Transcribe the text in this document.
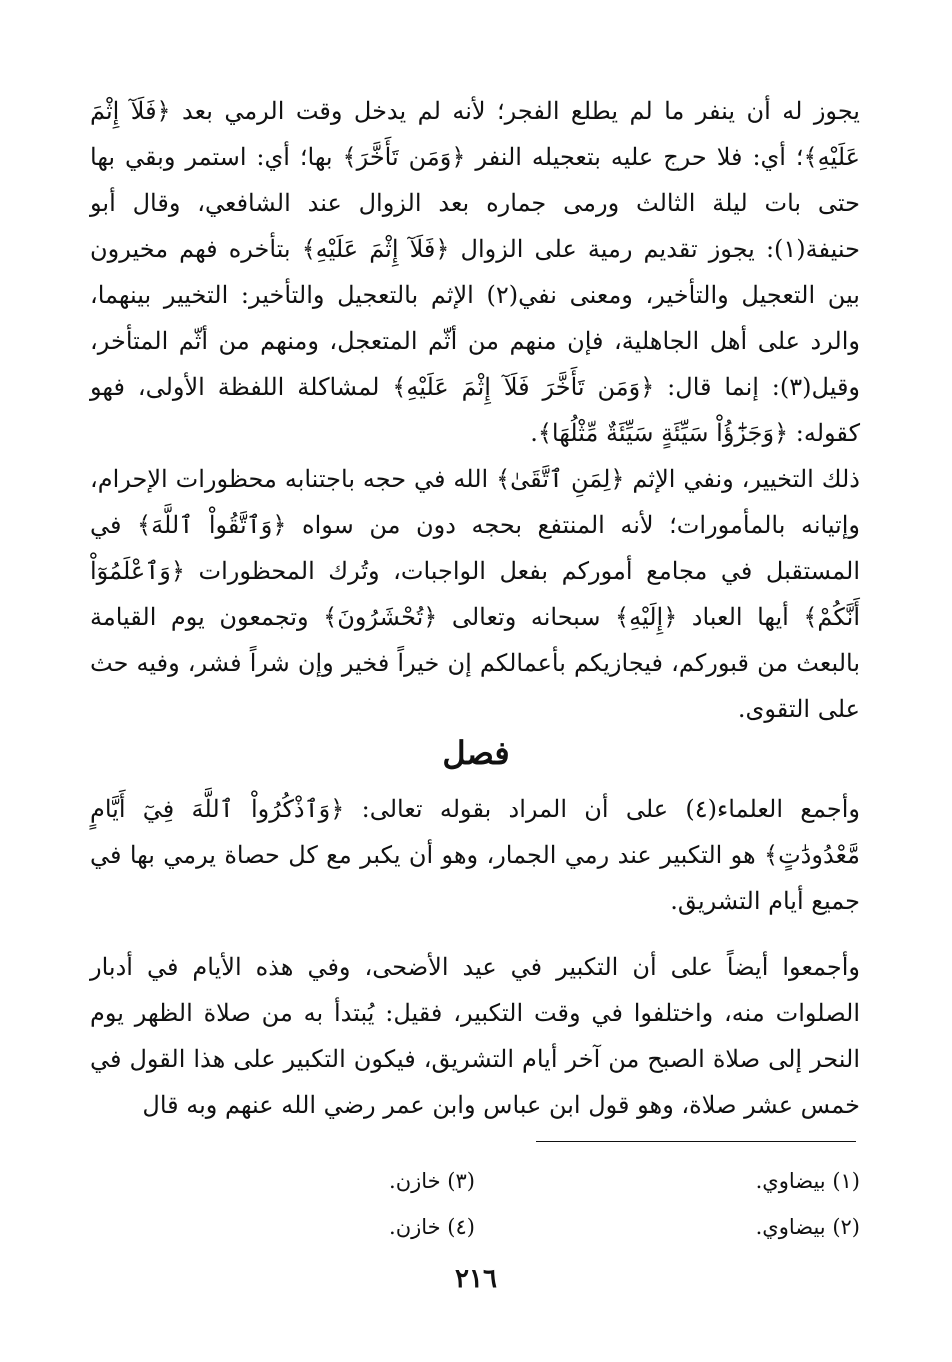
يجوز له أن ينفر ما لم يطلع الفجر؛ لأنه لم يدخل وقت الرمي بعد ﴿فَلَآ إِثْمَ عَلَيْهِ﴾؛ أي: فلا حرج عليه بتعجيله النفر ﴿وَمَن تَأَخَّرَ﴾ بها؛ أي: استمر وبقي بها حتى بات ليلة الثالث ورمى جماره بعد الزوال عند الشافعي، وقال أبو حنيفة(١): يجوز تقديم رمية على الزوال ﴿فَلَآ إِثْمَ عَلَيْهِ﴾ بتأخره فهم مخيرون بين التعجيل والتأخير، ومعنى نفي(٢) الإثم بالتعجيل والتأخير: التخيير بينهما، والرد على أهل الجاهلية، فإن منهم من أثّم المتعجل، ومنهم من أثّم المتأخر، وقيل(٣): إنما قال: ﴿وَمَن تَأَخَّرَ فَلَآ إِثْمَ عَلَيْهِ﴾ لمشاكلة اللفظة الأولى، فهو كقوله: ﴿وَجَزَٰٓؤُاْ سَيِّئَةٍ سَيِّئَةٌ مِّثْلُهَا﴾.

ذلك التخيير، ونفي الإثم ﴿لِمَنِ ٱتَّقَىٰ﴾ الله في حجه باجتنابه محظورات الإحرام، وإتيانه بالمأمورات؛ لأنه المنتفع بحجه دون من سواه ﴿وَٱتَّقُواْ ٱللَّهَ﴾ في المستقبل في مجامع أموركم بفعل الواجبات، وتُرك المحظورات ﴿وَٱعْلَمُوٓاْ أَنَّكُمْ﴾ أيها العباد ﴿إِلَيْهِ﴾ سبحانه وتعالى ﴿تُحْشَرُونَ﴾ وتجمعون يوم القيامة بالبعث من قبوركم، فيجازيكم بأعمالكم إن خيراً فخير وإن شراً فشر، وفيه حث على التقوى.

فصل

وأجمع العلماء(٤) على أن المراد بقوله تعالى: ﴿وَٱذْكُرُواْ ٱللَّهَ فِيٓ أَيَّامٍ مَّعْدُودَٰتٍ﴾ هو التكبير عند رمي الجمار، وهو أن يكبر مع كل حصاة يرمي بها في جميع أيام التشريق.

وأجمعوا أيضاً على أن التكبير في عيد الأضحى، وفي هذه الأيام في أدبار الصلوات منه، واختلفوا في وقت التكبير، فقيل: يُبتدأ به من صلاة الظهر يوم النحر إلى صلاة الصبح من آخر أيام التشريق، فيكون التكبير على هذا القول في خمس عشر صلاة، وهو قول ابن عباس وابن عمر رضي الله عنهم وبه قال

(١) بيضاوي.
(٣) خازن.
(٢) بيضاوي.
(٤) خازن.
٢١٦
